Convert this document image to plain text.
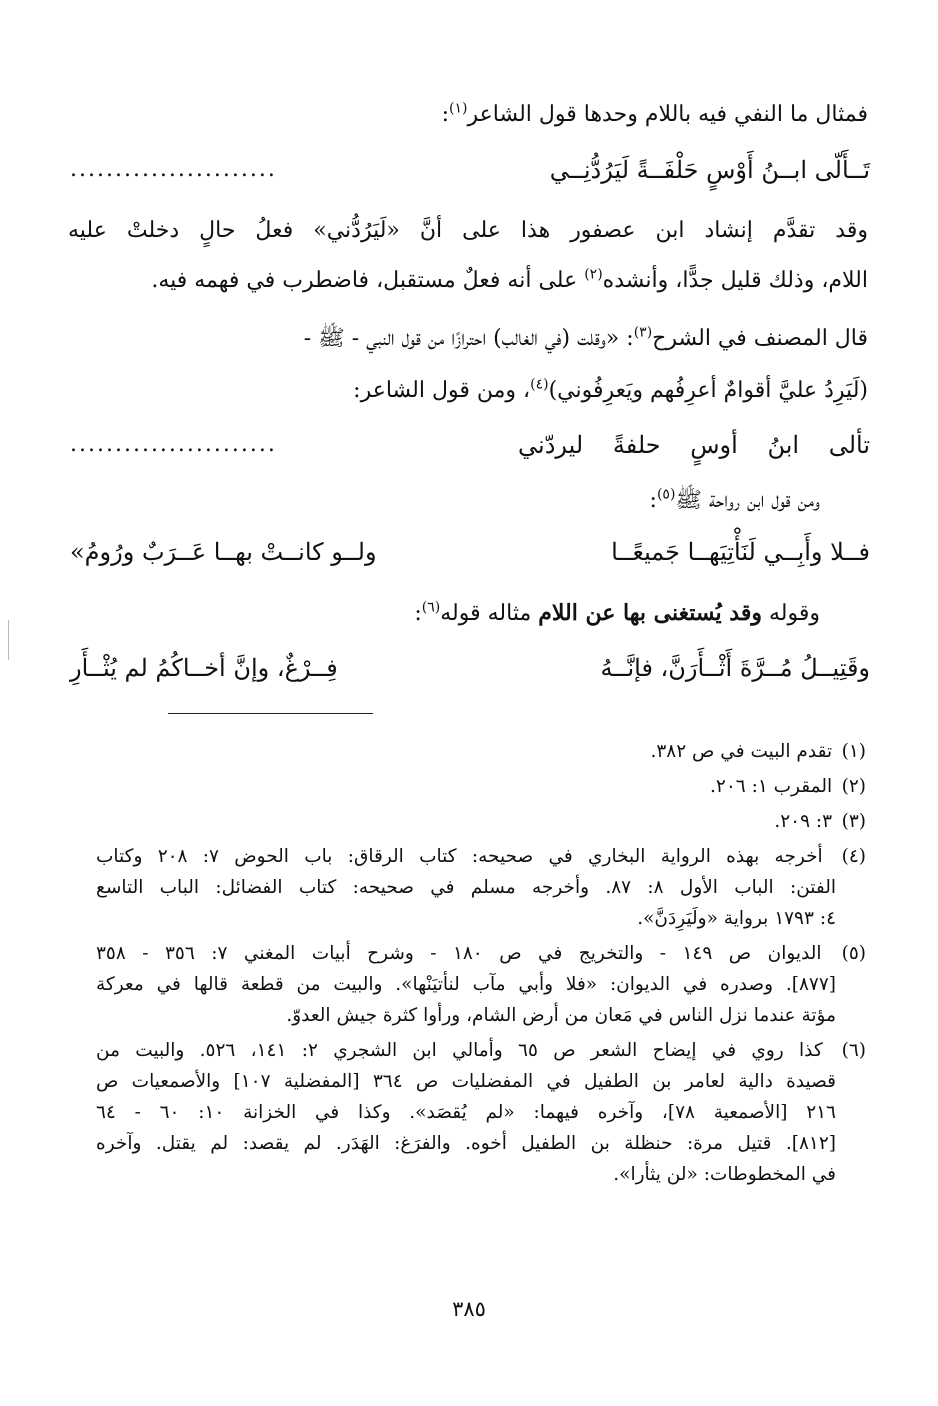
فمثال ما النفي فيه باللام وحدها قول الشاعر$^{(١)}$:
تَــأَلّى ابــنُ أَوْسٍ حَلْفَــةً لَيَرُدُّنِــي
.......................
وقد تقدَّم إنشاد ابن عصفور هذا على أنَّ «لَيَرُدُّني» فعلُ حالٍ دخلتْ عليه
اللام، وذلك قليل جدًّا، وأنشده$^{(٢)}$ على أنه فعلٌ مستقبل، فاضطرب في فهمه فيه.
قال المصنف في الشرح$^{(٣)}$: «وقلت (في الغالب) احترازًا من قول النبي - ﷺ -
(لَيَرِدُ عليَّ أقوامٌ أعرِفُهم ويَعرِفُوني)$^{(٤)}$، ومن قول الشاعر:
تألى ابنُ أوسٍ حلفةً ليردّني
.......................
ومن قول ابن رواحة ﷺ$^{(٥)}$:
فــلا وأَبِــي لَنَأْتِيَهــا جَميعًــا
ولــو كانــتْ بهــا عَــرَبٌ ورُومُ»
وقوله وقد يُستغنى بها عن اللام مثاله قوله$^{(٦)}$:
وقَتِيــلُ مُــرَّةَ أَثْــأَرَنَّ، فإنَّــهُ
فِــرْغٌ، وإنَّ أخــاكُمُ لم يُثْــأَرِ
(١) تقدم البيت في ص ٣٨٢.
(٢) المقرب ١: ٢٠٦.
(٣) ٣: ٢٠٩.
(٤) أخرجه بهذه الرواية البخاري في صحيحه: كتاب الرقاق: باب الحوض ٧: ٢٠٨ وكتاب
الفتن: الباب الأول ٨: ٨٧. وأخرجه مسلم في صحيحه: كتاب الفضائل: الباب التاسع
٤: ١٧٩٣ برواية «ولَيَرِدَنَّ».
(٥) الديوان ص ١٤٩ - والتخريج في ص ١٨٠ - وشرح أبيات المغني ٧: ٣٥٦ - ٣٥٨
[٨٧٧]. وصدره في الديوان: «فلا وأبي مآب لنأتيَنْها». والبيت من قطعة قالها في معركة
مؤتة عندما نزل الناس في مَعان من أرض الشام، ورأوا كثرة جيش العدوّ.
(٦) كذا روي في إيضاح الشعر ص ٦٥ وأمالي ابن الشجري ٢: ١٤١، ٥٢٦. والبيت من
قصيدة دالية لعامر بن الطفيل في المفضليات ص ٣٦٤ [المفضلية ١٠٧] والأصمعيات ص
٢١٦ [الأصمعية ٧٨]، وآخره فيهما: «لم يُقصَد». وكذا في الخزانة ١٠: ٦٠ - ٦٤
[٨١٢]. قتيل مرة: حنظلة بن الطفيل أخوه. والفرَغ: الهَدَر. لم يقصد: لم يقتل. وآخره
في المخطوطات: «لن يثأرا».
٣٨٥
